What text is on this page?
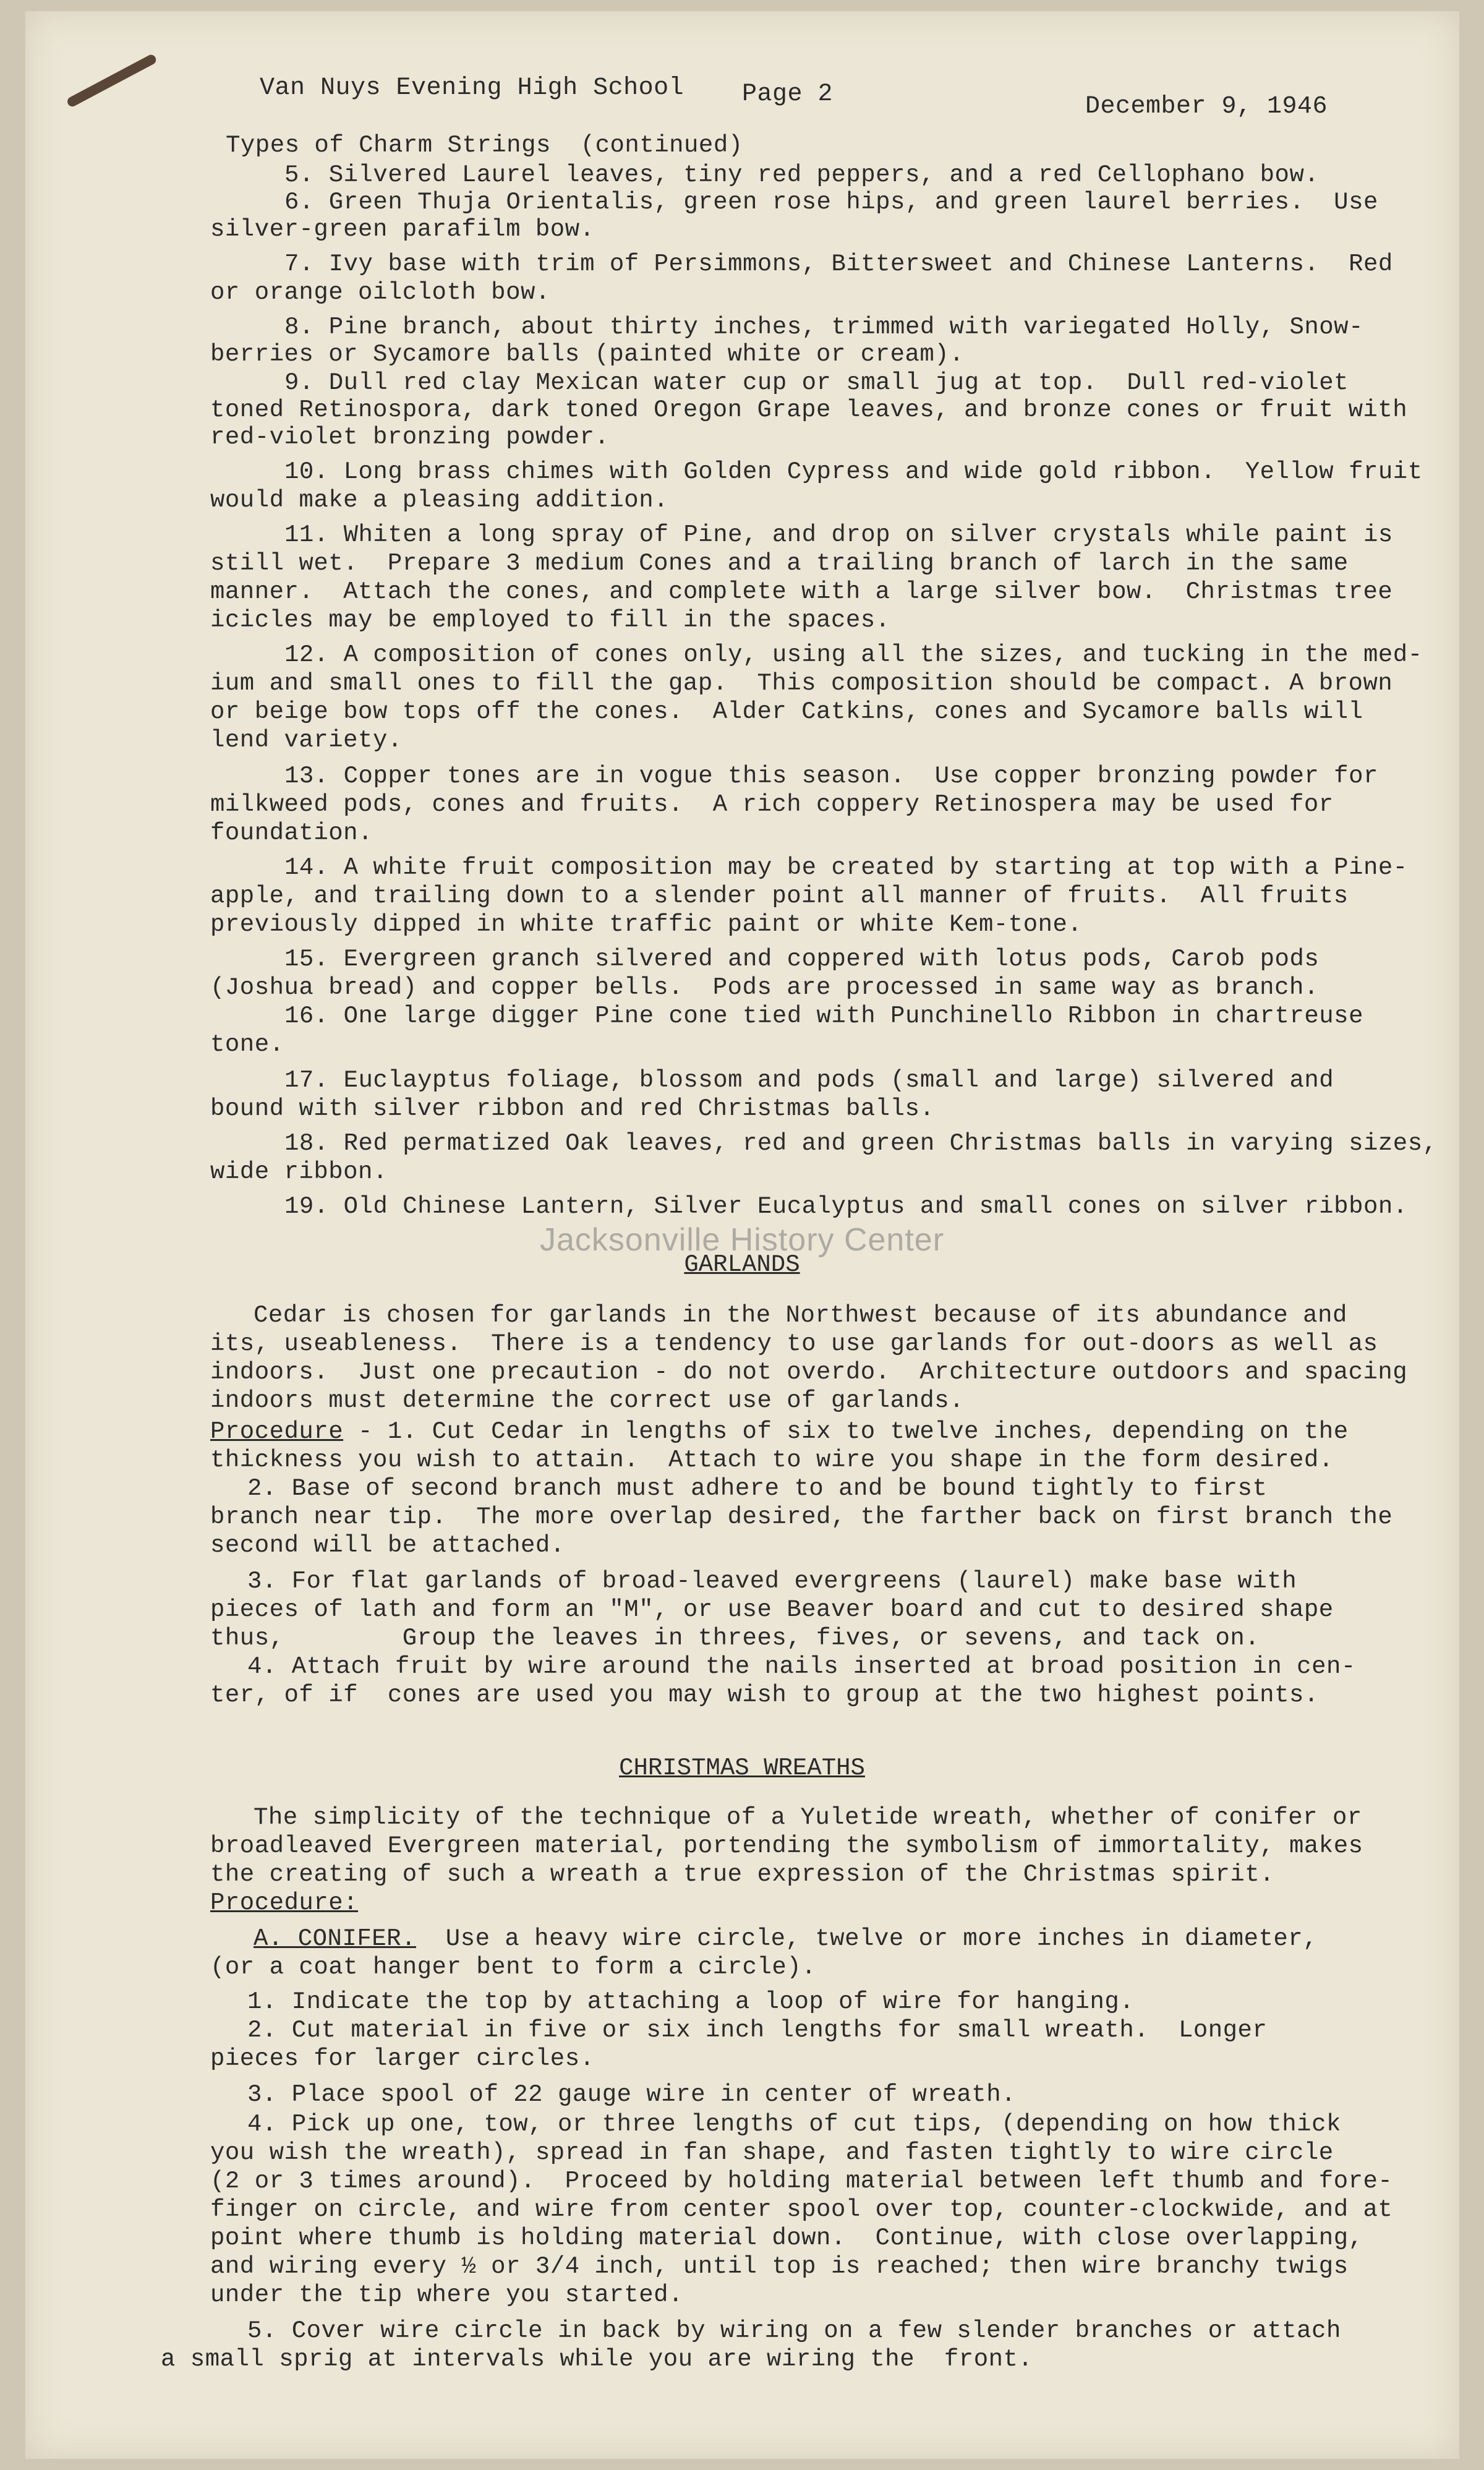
Van Nuys Evening High School Page 2	December 9, 1946
Types of Charm Strings  (continued)
5. Silvered Laurel leaves, tiny red peppers, and a red Cellophano bow.
6. Green Thuja Orientalis, green rose hips, and green laurel berries.  Use
silver-green parafilm bow.
7. Ivy base with trim of Persimmons, Bittersweet and Chinese Lanterns.  Red
or orange oilcloth bow.
8. Pine branch, about thirty inches, trimmed with variegated Holly, Snow-
berries or Sycamore balls (painted white or cream).
9. Dull red clay Mexican water cup or small jug at top.  Dull red-violet
toned Retinospora, dark toned Oregon Grape leaves, and bronze cones or fruit with
red-violet bronzing powder.
10. Long brass chimes with Golden Cypress and wide gold ribbon.  Yellow fruit
would make a pleasing addition.
11. Whiten a long spray of Pine, and drop on silver crystals while paint is
still wet.  Prepare 3 medium Cones and a trailing branch of larch in the same
manner.  Attach the cones, and complete with a large silver bow.  Christmas tree
icicles may be employed to fill in the spaces.
12. A composition of cones only, using all the sizes, and tucking in the med-
ium and small ones to fill the gap.  This composition should be compact. A brown
or beige bow tops off the cones.  Alder Catkins, cones and Sycamore balls will
lend variety.
13. Copper tones are in vogue this season.  Use copper bronzing powder for
milkweed pods, cones and fruits.  A rich coppery Retinospera may be used for
foundation.
14. A white fruit composition may be created by starting at top with a Pine-
apple, and trailing down to a slender point all manner of fruits.  All fruits
previously dipped in white traffic paint or white Kem-tone.
15. Evergreen granch silvered and coppered with lotus pods, Carob pods
(Joshua bread) and copper bells.  Pods are processed in same way as branch.
16. One large digger Pine cone tied with Punchinello Ribbon in chartreuse
tone.
17. Euclayptus foliage, blossom and pods (small and large) silvered and
bound with silver ribbon and red Christmas balls.
18. Red permatized Oak leaves, red and green Christmas balls in varying sizes,
wide ribbon.
19. Old Chinese Lantern, Silver Eucalyptus and small cones on silver ribbon.
Jacksonville History Center
GARLANDS
Cedar is chosen for garlands in the Northwest because of its abundance and
its, useableness.  There is a tendency to use garlands for out-doors as well as
indoors.  Just one precaution - do not overdo.  Architecture outdoors and spacing
indoors must determine the correct use of garlands.
Procedure - 1. Cut Cedar in lengths of six to twelve inches, depending on the
thickness you wish to attain.  Attach to wire you shape in the form desired.
2. Base of second branch must adhere to and be bound tightly to first
branch near tip.  The more overlap desired, the farther back on first branch the
second will be attached.
3. For flat garlands of broad-leaved evergreens (laurel) make base with
pieces of lath and form an "M", or use Beaver board and cut to desired shape
thus,        Group the leaves in threes, fives, or sevens, and tack on.
4. Attach fruit by wire around the nails inserted at broad position in cen-
ter, of if  cones are used you may wish to group at the two highest points.
CHRISTMAS WREATHS
The simplicity of the technique of a Yuletide wreath, whether of conifer or
broadleaved Evergreen material, portending the symbolism of immortality, makes
the creating of such a wreath a true expression of the Christmas spirit.
Procedure:
A. CONIFER.  Use a heavy wire circle, twelve or more inches in diameter,
(or a coat hanger bent to form a circle).
1. Indicate the top by attaching a loop of wire for hanging.
2. Cut material in five or six inch lengths for small wreath.  Longer
pieces for larger circles.
3. Place spool of 22 gauge wire in center of wreath.
4. Pick up one, tow, or three lengths of cut tips, (depending on how thick
you wish the wreath), spread in fan shape, and fasten tightly to wire circle
(2 or 3 times around).  Proceed by holding material between left thumb and fore-
finger on circle, and wire from center spool over top, counter-clockwide, and at
point where thumb is holding material down.  Continue, with close overlapping,
and wiring every ½ or 3/4 inch, until top is reached; then wire branchy twigs
under the tip where you started.
5. Cover wire circle in back by wiring on a few slender branches or attach
a small sprig at intervals while you are wiring the  front.
